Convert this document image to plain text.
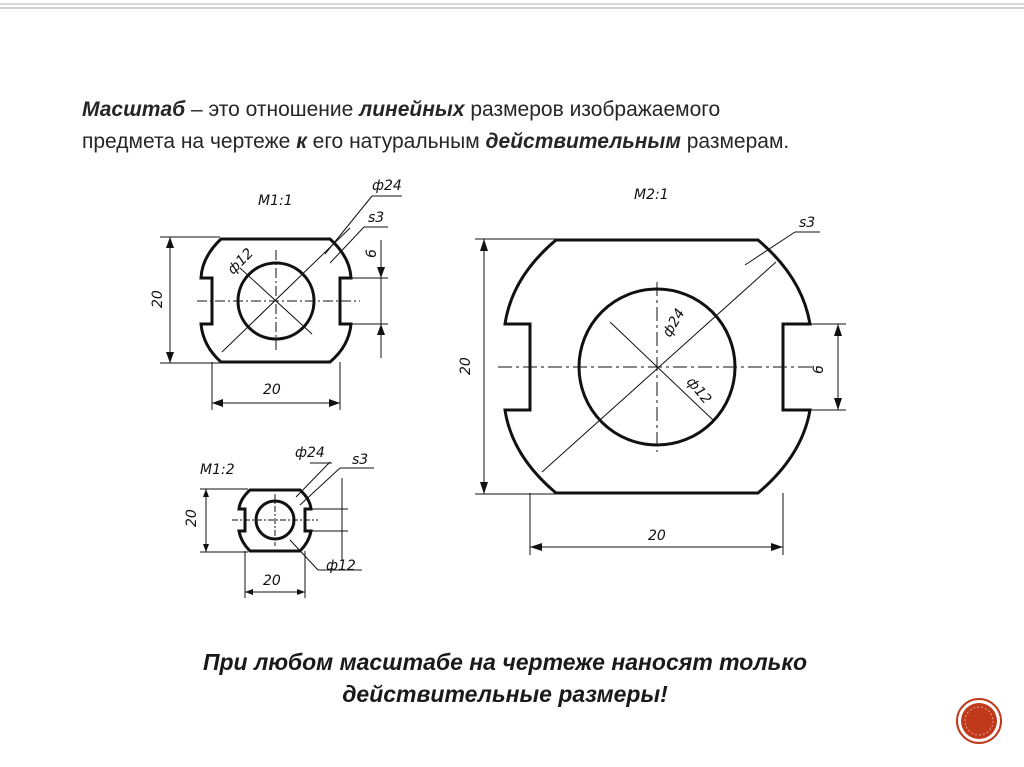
Масштаб – это отношение линейных размеров изображаемого
предмета на чертеже к его натуральным действительным размерам.
М1:1
ф24
s3
20
20
6
ф12
М1:2
ф24 s3
20
20
ф12
М2:1
s3
20
20	6
ф24
ф12
При любом масштабе на чертеже наносят только
действительные размеры!
